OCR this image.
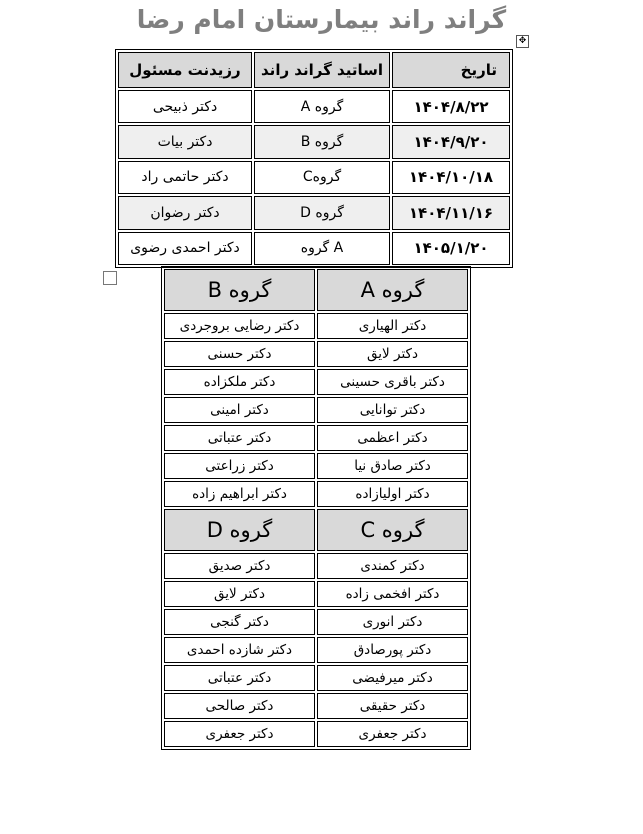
گراند راند بیمارستان امام رضا
✥
تاریخ	اساتید گراند راند	رزیدنت مسئول
۱۴۰۴/۸/۲۲	گروه A	دکتر ذبیحی
۱۴۰۴/۹/۲۰	گروه B	دکتر بیات
۱۴۰۴/۱۰/۱۸	گروهC	دکتر حاتمی راد
۱۴۰۴/۱۱/۱۶	گروه D	دکتر رضوان
۱۴۰۵/۱/۲۰	A گروه	دکتر احمدی رضوی
گروه A	گروه B
دکتر الهیاری	دکتر رضایی بروجردی
دکتر لایق	دکتر حسنی
دکتر باقری حسینی	دکتر ملکزاده
دکتر توانایی	دکتر امینی
دکتر اعظمی	دکتر عتباتی
دکتر صادق نیا	دکتر زراعتی
دکتر اولیازاده	دکتر ابراهیم زاده
گروه C	گروه D
دکتر کمندی	دکتر صدیق
دکتر افخمی زاده	دکتر لایق
دکتر انوری	دکتر گنجی
دکتر پورصادق	دکتر شازده احمدی
دکتر میرفیضی	دکتر عتباتی
دکتر حقیقی	دکتر صالحی
دکتر جعفری	دکتر جعفری
